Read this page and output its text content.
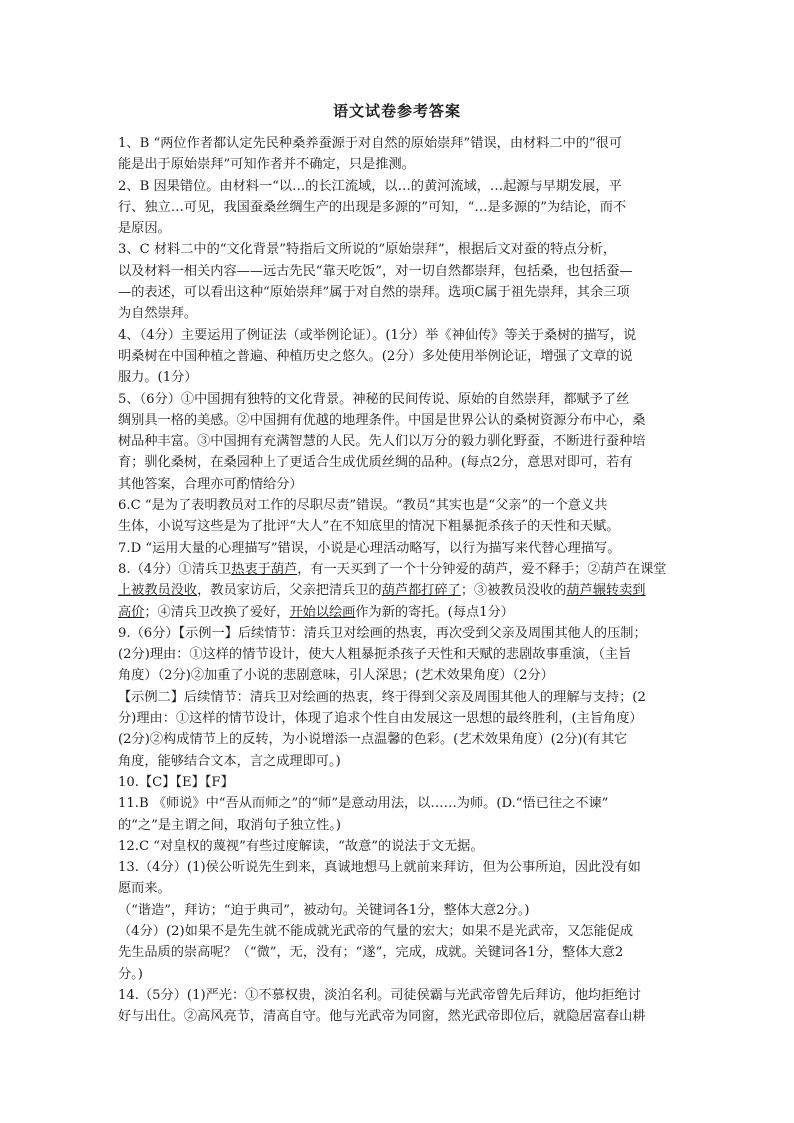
语文试卷参考答案
1、B “两位作者都认定先民种桑养蚕源于对自然的原始崇拜”错误，由材料二中的“很可
能是出于原始崇拜”可知作者并不确定，只是推测。
2、B 因果错位。由材料一“以…的长江流域，以…的黄河流域，…起源与早期发展，平
行、独立…可见，我国蚕桑丝绸生产的出现是多源的”可知，“…是多源的”为结论，而不
是原因。
3、C 材料二中的“文化背景”特指后文所说的“原始崇拜”，根据后文对蚕的特点分析，
以及材料一相关内容——远古先民“靠天吃饭”，对一切自然都崇拜，包括桑，也包括蚕—
—的表述，可以看出这种“原始崇拜”属于对自然的崇拜。选项C属于祖先崇拜，其余三项
为自然崇拜。
4、（4分）主要运用了例证法（或举例论证）。(1分）举《神仙传》等关于桑树的描写，说
明桑树在中国种植之普遍、种植历史之悠久。(2分）多处使用举例论证，增强了文章的说
服力。(1分）
5、（6分）①中国拥有独特的文化背景。神秘的民间传说、原始的自然崇拜，都赋予了丝
绸别具一格的美感。②中国拥有优越的地理条件。中国是世界公认的桑树资源分布中心，桑
树品种丰富。③中国拥有充满智慧的人民。先人们以万分的毅力驯化野蚕，不断进行蚕种培
育；驯化桑树，在桑园种上了更适合生成优质丝绸的品种。(每点2分，意思对即可，若有
其他答案，合理亦可酌情给分）
6.C “是为了表明教员对工作的尽职尽责”错误。“教员”其实也是“父亲”的一个意义共
生体，小说写这些是为了批评“大人”在不知底里的情况下粗暴扼杀孩子的天性和天赋。
7.D “运用大量的心理描写”错误，小说是心理活动略写，以行为描写来代替心理描写。
8.（4分）①清兵卫热衷于葫芦，有一天买到了一个十分钟爱的葫芦，爱不释手；②葫芦在课堂
上被教员没收，教员家访后，父亲把清兵卫的葫芦都打碎了；③被教员没收的葫芦辗转卖到
高价；④清兵卫改换了爱好，开始以绘画作为新的寄托。(每点1分）
9.（6分）【示例一】后续情节：清兵卫对绘画的热衷，再次受到父亲及周围其他人的压制；
(2分)理由：①这样的情节设计，使大人粗暴扼杀孩子天性和天赋的悲剧故事重演，（主旨
角度）（2分)②加重了小说的悲剧意味，引人深思；(艺术效果角度）（2分）
【示例二】后续情节：清兵卫对绘画的热衷，终于得到父亲及周围其他人的理解与支持；(2
分)理由：①这样的情节设计，体现了追求个性自由发展这一思想的最终胜利，(主旨角度）
(2分)②构成情节上的反转，为小说增添一点温馨的色彩。(艺术效果角度）(2分)(有其它
角度，能够结合文本，言之成理即可。)
10.【C】【E】【F】
11.B 《师说》中“吾从而师之”的“师”是意动用法，以……为师。(D.“悟已往之不谏”
的“之”是主谓之间，取消句子独立性。)
12.C “对皇权的蔑视”有些过度解读，“故意”的说法于文无据。
13.（4分）(1)侯公听说先生到来，真诚地想马上就前来拜访，但为公事所迫，因此没有如
愿而来。
（“谐造”，拜访；“迫于典司”，被动句。关键词各1分，整体大意2分。)
（4分）(2)如果不是先生就不能成就光武帝的气量的宏大；如果不是光武帝，又怎能促成
先生品质的崇高呢？（“微”，无，没有；“遂”，完成，成就。关键词各1分，整体大意2
分。)
14.（5分）(1)严光：①不慕权贵，淡泊名利。司徒侯霸与光武帝曾先后拜访，他均拒绝讨
好与出仕。②高风亮节，清高自守。他与光武帝为同窗，然光武帝即位后，就隐居富春山耕
